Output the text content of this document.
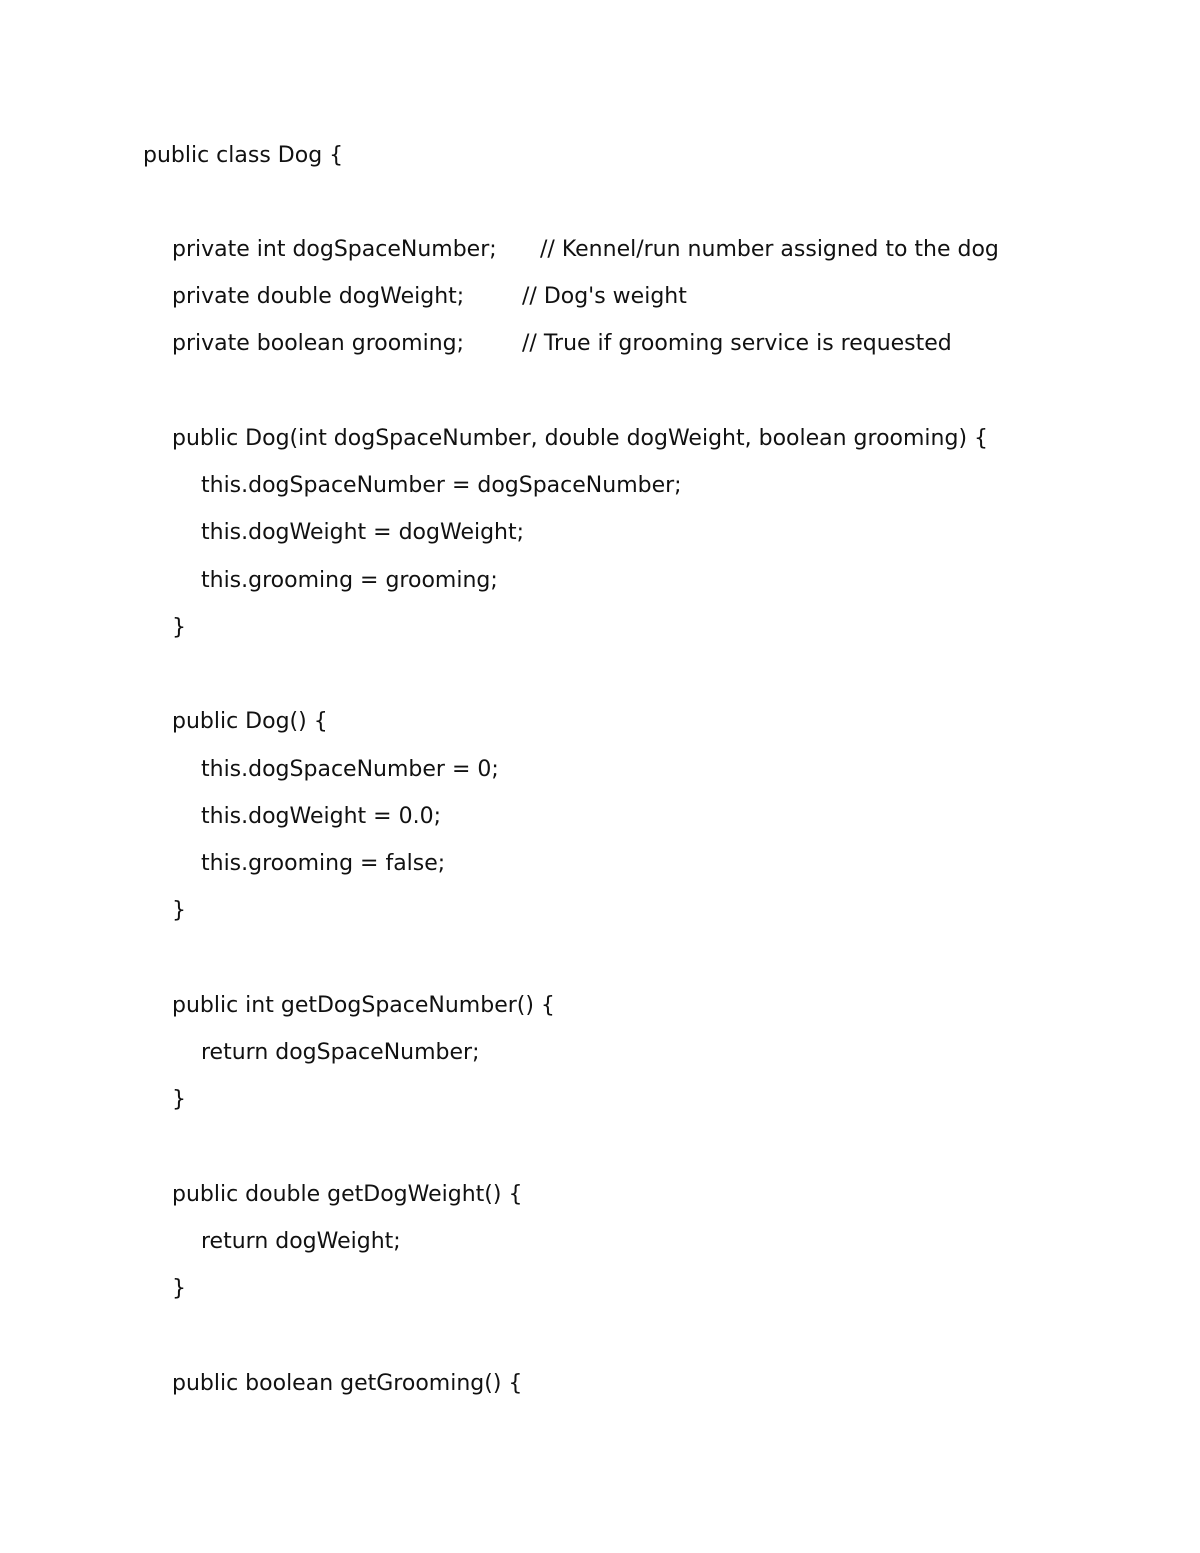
public class Dog {

private int dogSpaceNumber;

// Kennel/run number assigned to the dog

private double dogWeight;

	// Dog's weight

private boolean grooming;

	// True if grooming service is requested

public Dog(int dogSpaceNumber, double dogWeight, boolean grooming) {

this.dogSpaceNumber = dogSpaceNumber;

this.dogWeight = dogWeight;

this.grooming = grooming;

}

public Dog() {

this.dogSpaceNumber = 0;

this.dogWeight = 0.0;

this.grooming = false;

}

public int getDogSpaceNumber() {

return dogSpaceNumber;

}

public double getDogWeight() {

return dogWeight;

}

public boolean getGrooming() {
